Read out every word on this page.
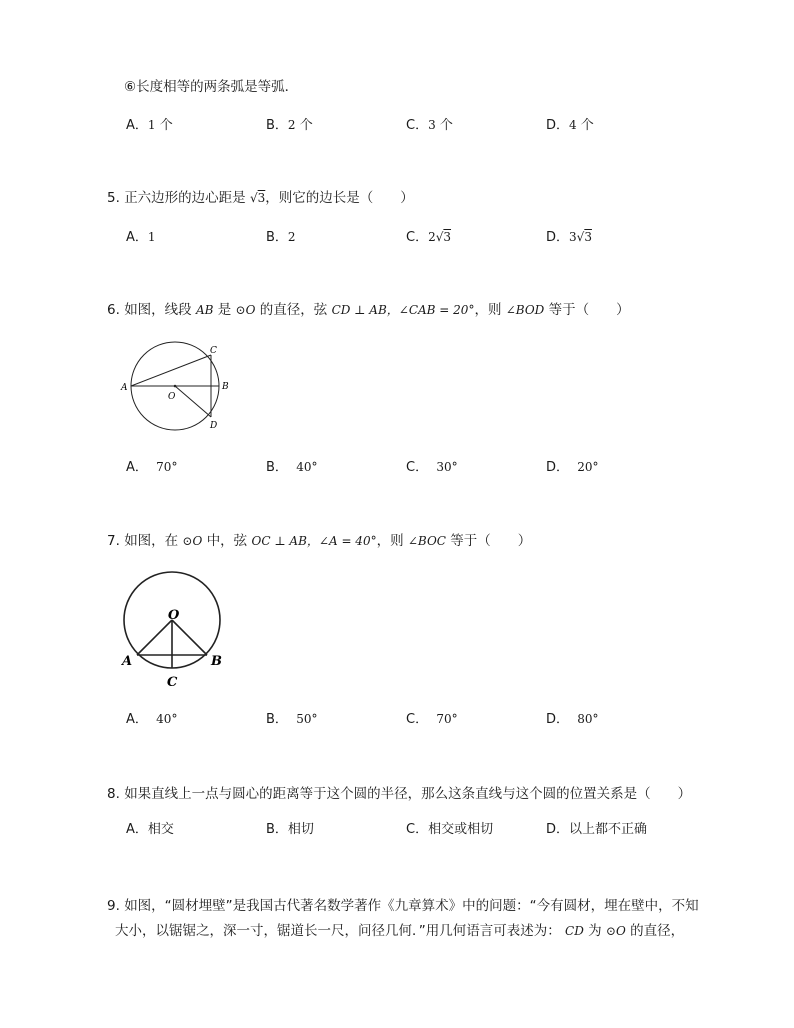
⑥长度相等的两条弧是等弧．
A．1 个	B．2 个	C．3 个	D．4 个
5. 正六边形的边心距是 √3，则它的边长是（　　）
A．1	B．2	C．2√3	D．3√3
6. 如图，线段 AB 是 ⊙O 的直径，弦 CD ⊥ AB，∠CAB = 20°，则 ∠BOD 等于（　　）
A	B
C
D
O
A． 70°	B． 40°	C． 30°	D． 20°
7. 如图，在 ⊙O 中，弦 OC ⊥ AB，∠A = 40°，则 ∠BOC 等于（　　）
O
A	B
C
A． 40°	B． 50°	C． 70°	D． 80°
8. 如果直线上一点与圆心的距离等于这个圆的半径，那么这条直线与这个圆的位置关系是（　　）
A．相交	B．相切	C．相交或相切	D．以上都不正确
9. 如图，“圆材埋壁”是我国古代著名数学著作《九章算术》中的问题：“今有圆材，埋在壁中，不知
大小，以锯锯之，深一寸，锯道长一尺，问径几何．”用几何语言可表述为： CD 为 ⊙O 的直径，
